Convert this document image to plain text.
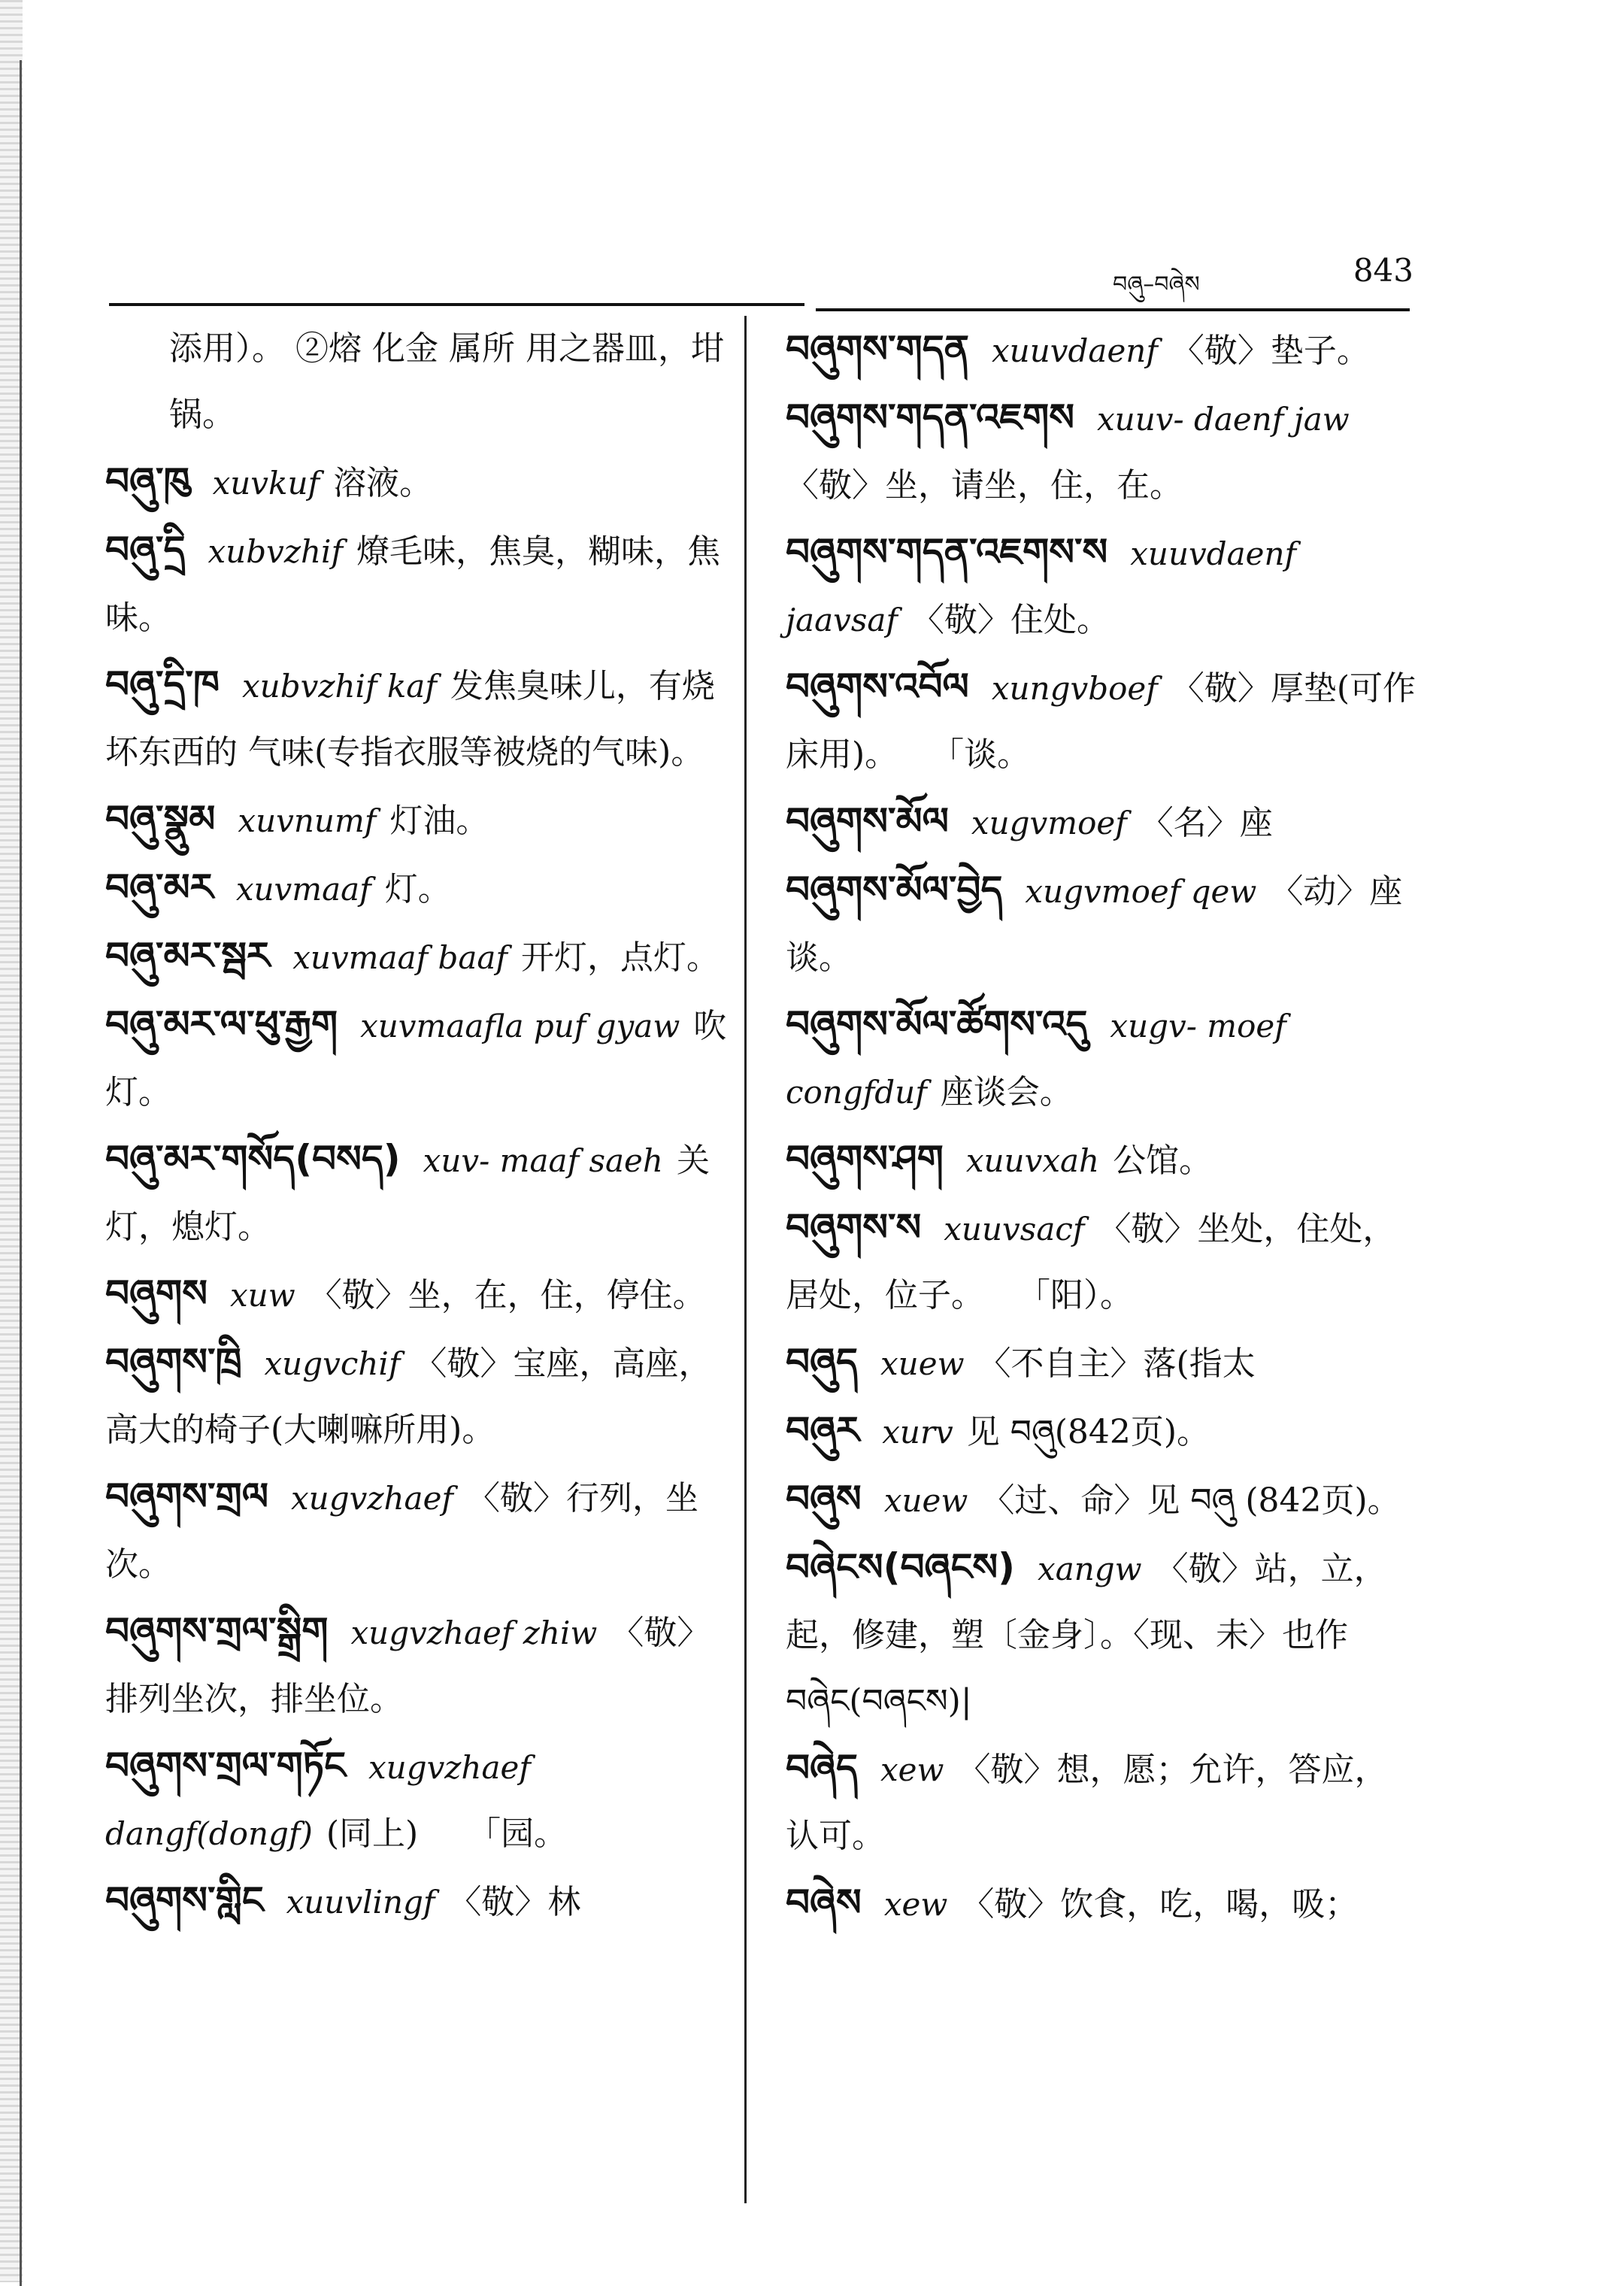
བཞུ–བཞེས	843
添用）。 ②熔 化金 属所 用之器皿，坩锅。
བཞུ་ཁུ xuvkuf 溶液。
བཞུ་དྲི xubvzhif 燎毛味，焦臭，糊味，焦味。
བཞུ་དྲི་ཁ xubvzhif kaf 发焦臭味儿，有烧坏东西的 气味(专指衣服等被烧的气味)。
བཞུ་སྣུམ xuvnumf 灯油。
བཞུ་མར xuvmaaf 灯。
བཞུ་མར་སྦར xuvmaaf baaf 开灯，点灯。
བཞུ་མར་ལ་ཕུ་རྒྱག xuvmaafla puf gyaw 吹灯。
བཞུ་མར་གསོད(བསད) xuv- maaf saeh 关灯，熄灯。
བཞུགས xuw 〈敬〉坐，在，住，停住。
བཞུགས་ཁྲི xugvchif 〈敬〉宝座，高座，高大的椅子(大喇嘛所用)。
བཞུགས་གྲལ xugvzhaef 〈敬〉行列，坐次。
བཞུགས་གྲལ་སྒྲིག xugvzhaef zhiw 〈敬〉排列坐次，排坐位。
བཞུགས་གྲལ་གཏོང xugvzhaef dangf(dongf) (同上)　　「园。
བཞུགས་གླིང xuuvlingf 〈敬〉林
བཞུགས་གདན xuuvdaenf 〈敬〉垫子。
བཞུགས་གདན་འཇགས xuuv- daenf jaw〈敬〉坐，请坐，住，在。
བཞུགས་གདན་འཇགས་ས xuuvdaenf jaavsaf 〈敬〉住处。
བཞུགས་འབོལ xungvboef 〈敬〉厚垫(可作床用)。　　「谈。
བཞུགས་མོལ xugvmoef 〈名〉座
བཞུགས་མོལ་བྱེད xugvmoef qew 〈动〉座谈。
བཞུགས་མོལ་ཚོགས་འདུ xugv- moef congfduf 座谈会。
བཞུགས་ཤག xuuvxah 公馆。
བཞུགས་ས xuuvsacf 〈敬〉坐处，住处，居处，位子。　　「阳）。
བཞུད xuew 〈不自主〉落(指太
བཞུར xurv 见 བཞུ(842页)。
བཞུས xuew 〈过、命〉见 བཞུ (842页)。
བཞེངས(བཞངས) xangw 〈敬〉站，立，起，修建，塑〔金身〕。〈现、未〉也作 བཞེང(བཞངས)|
བཞེད xew 〈敬〉想，愿；允许，答应，认可。
བཞེས xew 〈敬〉饮食，吃，喝，吸；
